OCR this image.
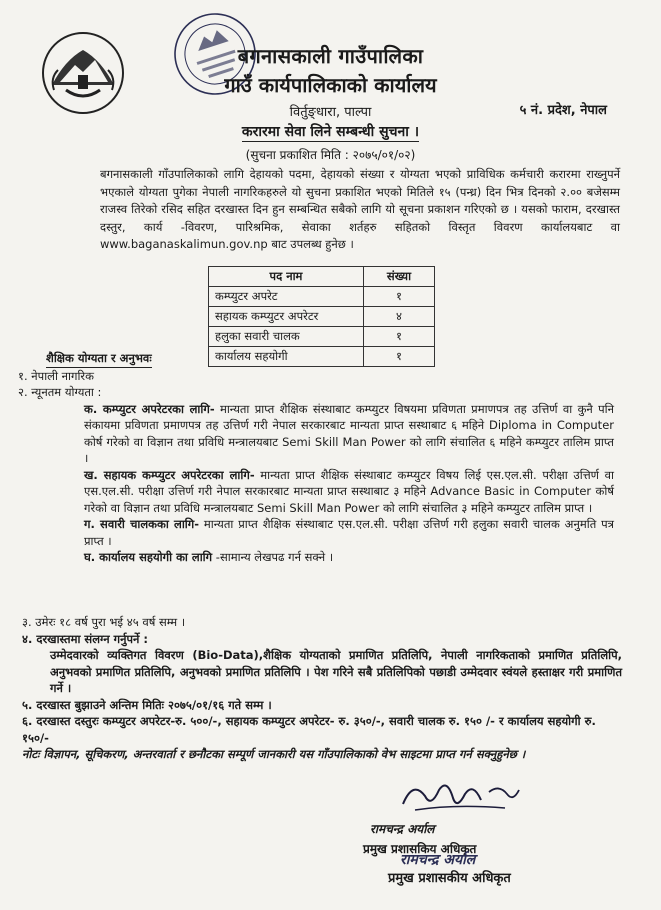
बगनासकाली गाउँपालिका
गाउँ कार्यपालिकाको कार्यालय
विर्तुङ्धारा, पाल्पा	५ नं. प्रदेश, नेपाल
करारमा सेवा लिने सम्बन्धी सुचना ।
(सुचना प्रकाशित मिति : २०७५/०१/०२)
बगनासकाली गाँउपालिकाको लागि देहायको पदमा, देहायको संख्या र योग्यता भएको प्राविधिक कर्मचारी करारमा राख्नुपर्ने भएकाले योग्यता पुगेका नेपाली नागरिकहरुले यो सुचना प्रकाशित भएको मितिले १५ (पन्ध्र) दिन भित्र दिनको २.०० बजेसम्म राजस्व तिरेको रसिद सहित दरखास्त दिन हुन सम्बन्धित सबैको लागि यो सूचना प्रकाशन गरिएको छ । यसको फाराम, दरखास्त दस्तुर, कार्य -विवरण, पारिश्रमिक, सेवाका शर्तहरु सहितको विस्तृत विवरण कार्यालयबाट वा www.baganaskalimun.gov.np बाट उपलब्ध हुनेछ ।
पद नाम	संख्या
कम्प्युटर अपरेट	१
सहायक कम्प्युटर अपरेटर	४
हलुका सवारी चालक	१
कार्यालय सहयोगी	१
शैक्षिक योग्यता र अनुभवः
१. नेपाली नागरिक
२. न्यूनतम योग्यता :
क. कम्प्युटर अपरेटरका लागि- मान्यता प्राप्त शैक्षिक संस्थाबाट कम्प्युटर विषयमा प्रविणता प्रमाणपत्र तह उत्तिर्ण वा कुनै पनि संकायमा प्रविणता प्रमाणपत्र तह उत्तिर्ण गरी नेपाल सरकारबाट मान्यता प्राप्त सस्थाबाट ६ महिने Diploma in Computer कोर्ष गरेको वा विज्ञान तथा प्रविधि मन्त्रालयबाट Semi Skill Man Power को लागि संचालित ६ महिने कम्प्युटर तालिम प्राप्त ।
ख. सहायक कम्प्युटर अपरेटरका लागि- मान्यता प्राप्त शैक्षिक संस्थाबाट कम्प्युटर विषय लिई एस.एल.सी. परीक्षा उत्तिर्ण वा एस.एल.सी. परीक्षा उत्तिर्ण गरी नेपाल सरकारबाट मान्यता प्राप्त सस्थाबाट ३ महिने Advance Basic in Computer कोर्ष गरेको वा विज्ञान तथा प्रविधि मन्त्रालयबाट Semi Skill Man Power को लागि संचालित ३ महिने कम्प्युटर तालिम प्राप्त ।
ग. सवारी चालकका लागि- मान्यता प्राप्त शैक्षिक संस्थाबाट एस.एल.सी. परीक्षा उत्तिर्ण गरी हलुका सवारी चालक अनुमति पत्र प्राप्त ।
घ. कार्यालय सहयोगी का लागि -सामान्य लेखपढ गर्न सक्ने ।
३. उमेरः १८ वर्ष पुरा भई ४५ वर्ष सम्म ।
४. दरखास्तमा संलग्न गर्नुपर्ने :
उम्मेदवारको व्यक्तिगत विवरण (Bio-Data),शैक्षिक योग्यताको प्रमाणित प्रतिलिपि, नेपाली नागरिकताको प्रमाणित प्रतिलिपि, अनुभवको प्रमाणित प्रतिलिपि, अनुभवको प्रमाणित प्रतिलिपि । पेश गरिने सबै प्रतिलिपिको पछाडी उम्मेदवार स्वंयले हस्ताक्षर गरी प्रमाणित गर्ने ।
५. दरखास्त बुझाउने अन्तिम मितिः २०७५/०१/१६ गते सम्म ।
६. दरखास्त दस्तुरः कम्प्युटर अपरेटर-रु. ५००/-, सहायक कम्प्युटर अपरेटर- रु. ३५०/-, सवारी चालक रु. १५० /- र कार्यालय सहयोगी रु. १५०/-
नोटः विज्ञापन, सूचिकरण, अन्तरवार्ता र छनौटका सम्पूर्ण जानकारी यस गाँउपालिकाको वेभ साइटमा प्राप्त गर्न सक्नुहुनेछ ।
रामचन्द्र अर्याल
प्रमुख प्रशासकिय अधिकृत
रामचन्द्र अर्याल
प्रमुख प्रशासकीय अधिकृत
